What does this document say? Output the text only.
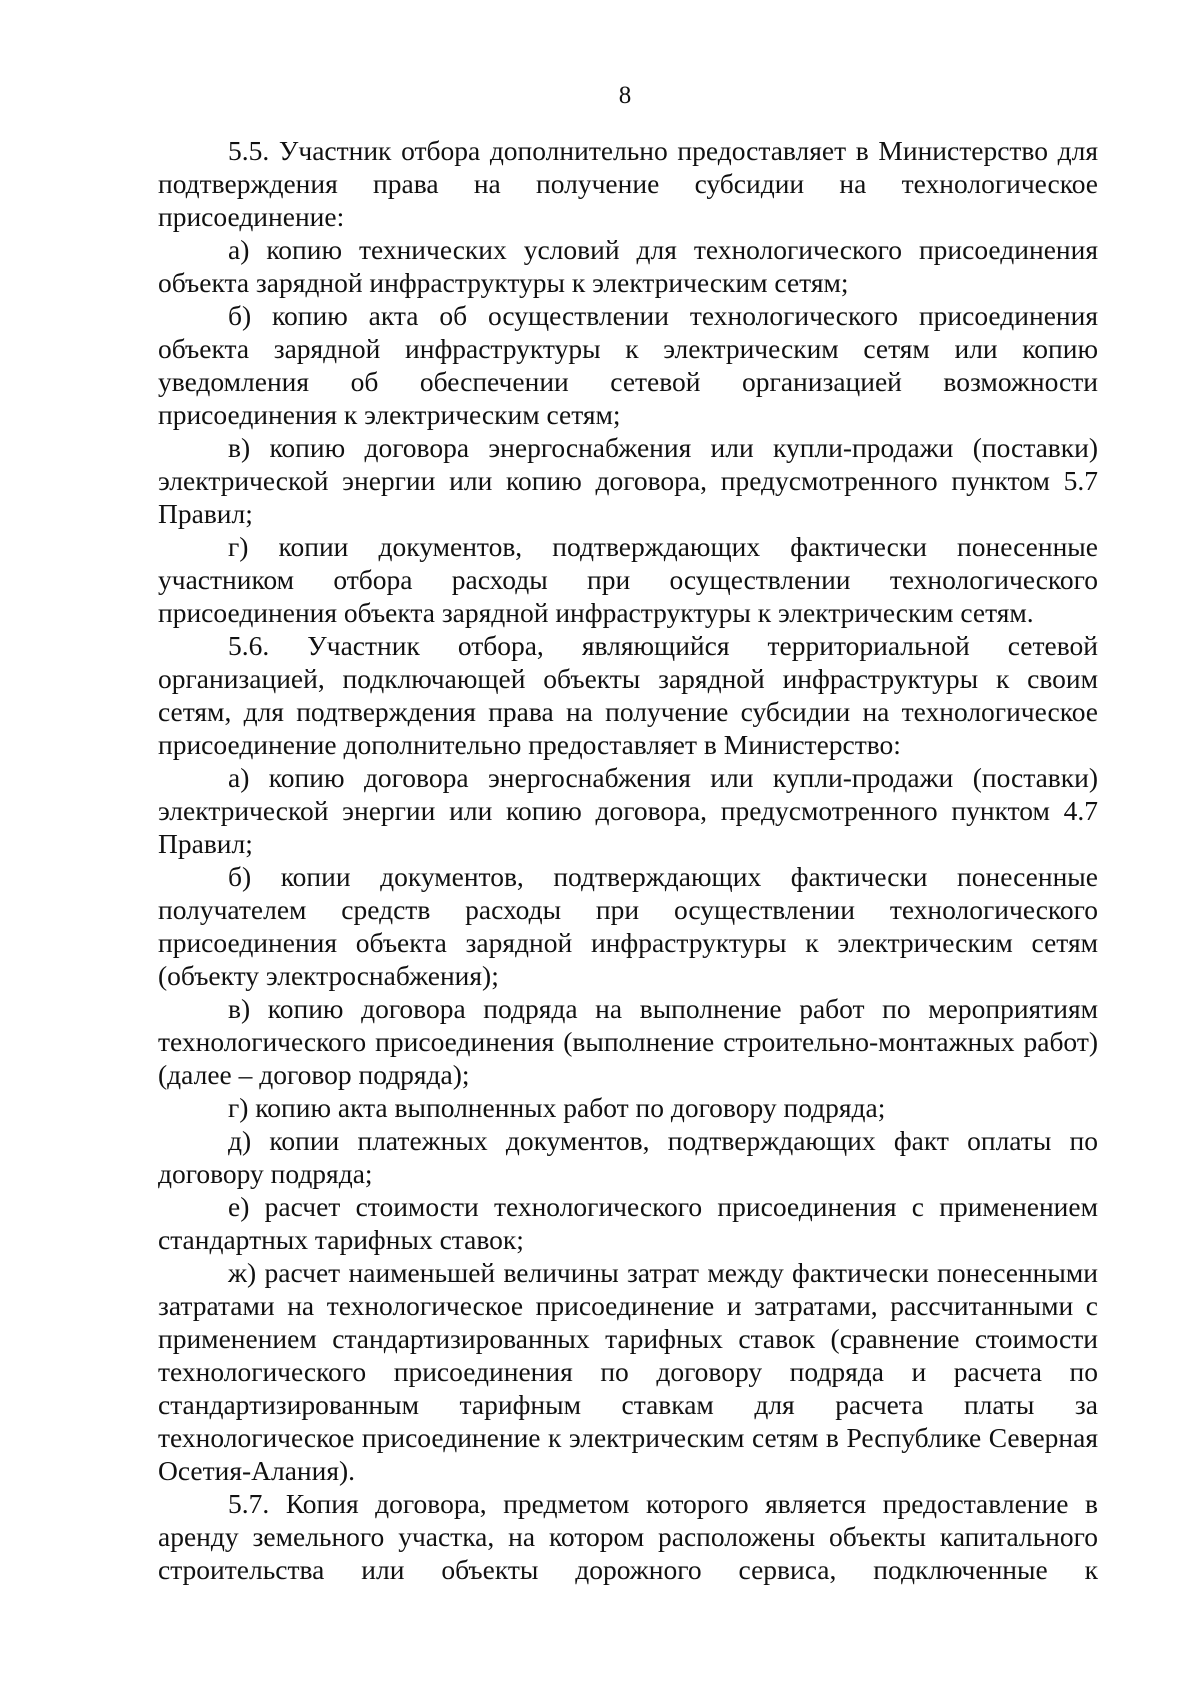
8

5.5. Участник отбора дополнительно предоставляет в Министерство для подтверждения права на получение субсидии на технологическое присоединение:

а) копию технических условий для технологического присоединения объекта зарядной инфраструктуры к электрическим сетям;

б) копию акта об осуществлении технологического присоединения объекта зарядной инфраструктуры к электрическим сетям или копию уведомления об обеспечении сетевой организацией возможности присоединения к электрическим сетям;

в) копию договора энергоснабжения или купли-продажи (поставки) электрической энергии или копию договора, предусмотренного пунктом 5.7 Правил;

г) копии документов, подтверждающих фактически понесенные участником отбора расходы при осуществлении технологического присоединения объекта зарядной инфраструктуры к электрическим сетям.

5.6. Участник отбора, являющийся территориальной сетевой организацией, подключающей объекты зарядной инфраструктуры к своим сетям, для подтверждения права на получение субсидии на технологическое присоединение дополнительно предоставляет в Министерство:

а) копию договора энергоснабжения или купли-продажи (поставки) электрической энергии или копию договора, предусмотренного пунктом 4.7 Правил;

б) копии документов, подтверждающих фактически понесенные получателем средств расходы при осуществлении технологического присоединения объекта зарядной инфраструктуры к электрическим сетям (объекту электроснабжения);

в) копию договора подряда на выполнение работ по мероприятиям технологического присоединения (выполнение строительно-монтажных работ) (далее – договор подряда);

г) копию акта выполненных работ по договору подряда;

д) копии платежных документов, подтверждающих факт оплаты по договору подряда;

е) расчет стоимости технологического присоединения с применением стандартных тарифных ставок;

ж) расчет наименьшей величины затрат между фактически понесенными затратами на технологическое присоединение и затратами, рассчитанными с применением стандартизированных тарифных ставок (сравнение стоимости технологического присоединения по договору подряда и расчета по стандартизированным тарифным ставкам для расчета платы за технологическое присоединение к электрическим сетям в Республике Северная Осетия-Алания).

5.7. Копия договора, предметом которого является предоставление в аренду земельного участка, на котором расположены объекты капитального строительства или объекты дорожного сервиса, подключенные к
